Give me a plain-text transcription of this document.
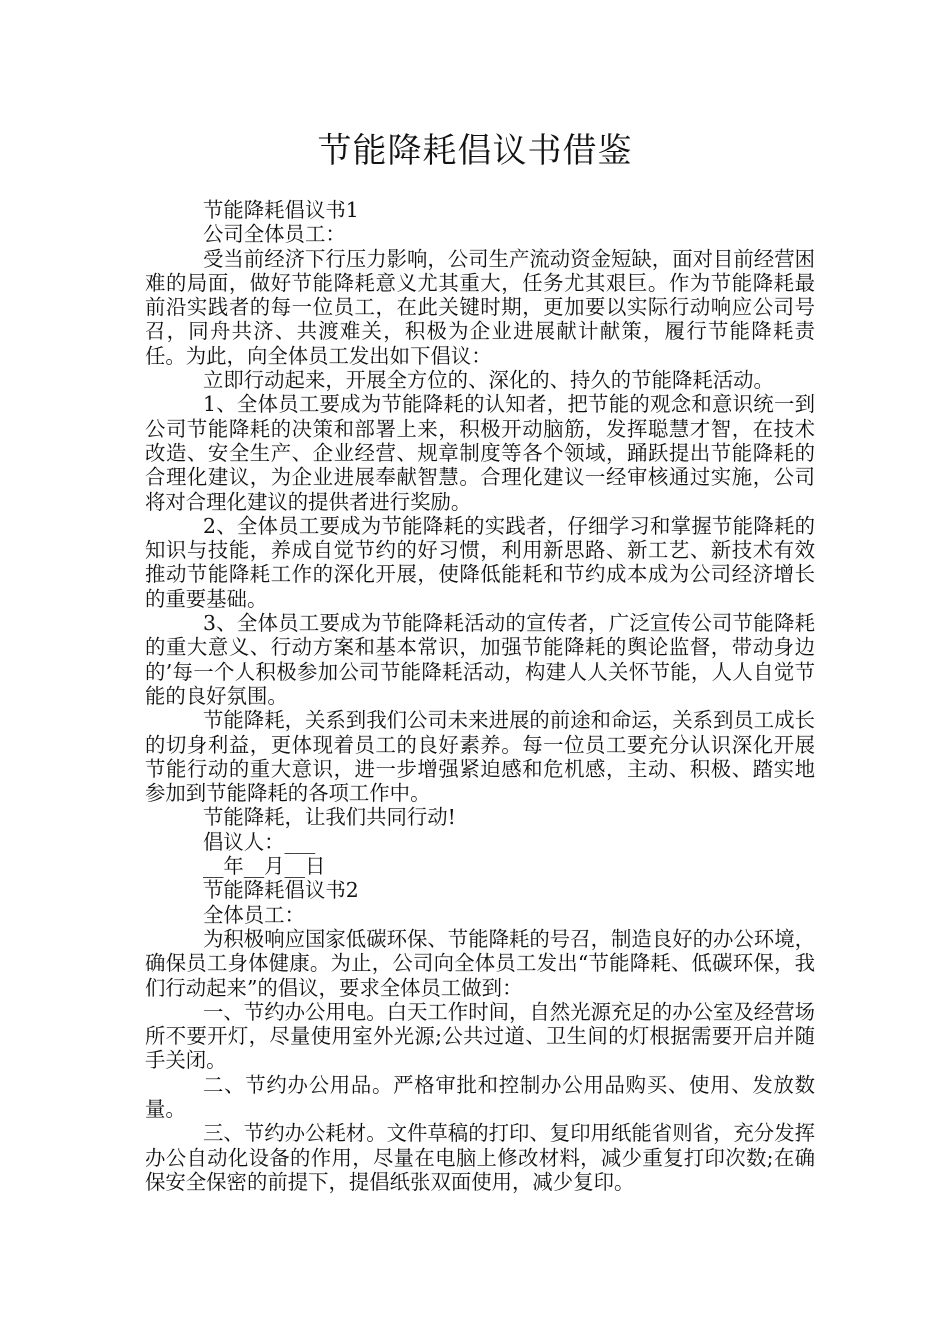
节能降耗倡议书借鉴

节能降耗倡议书1

公司全体员工：

受当前经济下行压力影响，公司生产流动资金短缺，面对目前经营困难的局面，做好节能降耗意义尤其重大，任务尤其艰巨。作为节能降耗最前沿实践者的每一位员工，在此关键时期，更加要以实际行动响应公司号召，同舟共济、共渡难关，积极为企业进展献计献策，履行节能降耗责任。为此，向全体员工发出如下倡议：

立即行动起来，开展全方位的、深化的、持久的节能降耗活动。

1、全体员工要成为节能降耗的认知者，把节能的观念和意识统一到公司节能降耗的决策和部署上来，积极开动脑筋，发挥聪慧才智，在技术改造、安全生产、企业经营、规章制度等各个领域，踊跃提出节能降耗的合理化建议，为企业进展奉献智慧。合理化建议一经审核通过实施，公司将对合理化建议的提供者进行奖励。

2、全体员工要成为节能降耗的实践者，仔细学习和掌握节能降耗的知识与技能，养成自觉节约的好习惯，利用新思路、新工艺、新技术有效推动节能降耗工作的深化开展，使降低能耗和节约成本成为公司经济增长的重要基础。

3、全体员工要成为节能降耗活动的宣传者，广泛宣传公司节能降耗的重大意义、行动方案和基本常识，加强节能降耗的舆论监督，带动身边的’每一个人积极参加公司节能降耗活动，构建人人关怀节能，人人自觉节能的良好氛围。

节能降耗，关系到我们公司未来进展的前途和命运，关系到员工成长的切身利益，更体现着员工的良好素养。每一位员工要充分认识深化开展节能行动的重大意识，进一步增强紧迫感和危机感，主动、积极、踏实地参加到节能降耗的各项工作中。

节能降耗，让我们共同行动!

倡议人：___

__年__月__日

节能降耗倡议书2

全体员工：

为积极响应国家低碳环保、节能降耗的号召，制造良好的办公环境，确保员工身体健康。为止，公司向全体员工发出“节能降耗、低碳环保，我们行动起来”的倡议，要求全体员工做到：

一、节约办公用电。白天工作时间，自然光源充足的办公室及经营场所不要开灯，尽量使用室外光源;公共过道、卫生间的灯根据需要开启并随手关闭。

二、节约办公用品。严格审批和控制办公用品购买、使用、发放数量。

三、节约办公耗材。文件草稿的打印、复印用纸能省则省，充分发挥办公自动化设备的作用，尽量在电脑上修改材料，减少重复打印次数;在确保安全保密的前提下，提倡纸张双面使用，减少复印。
